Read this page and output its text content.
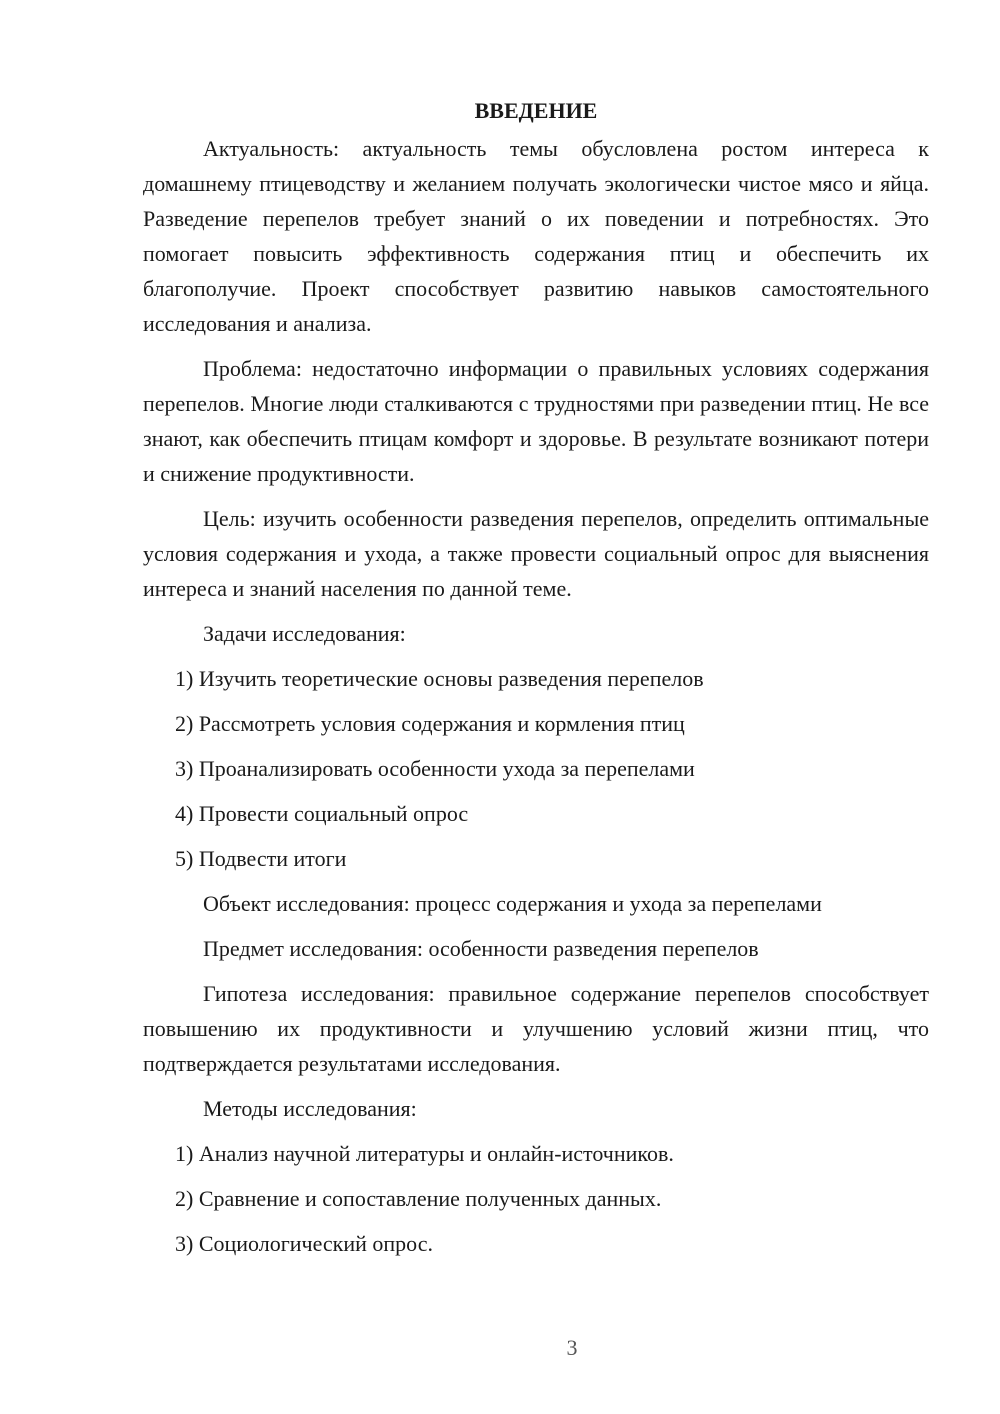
ВВЕДЕНИЕ

Актуальность: актуальность темы обусловлена ростом интереса к домашнему птицеводству и желанием получать экологически чистое мясо и яйца. Разведение перепелов требует знаний о их поведении и потребностях. Это помогает повысить эффективность содержания птиц и обеспечить их благополучие. Проект способствует развитию навыков самостоятельного исследования и анализа.

Проблема: недостаточно информации о правильных условиях содержания перепелов. Многие люди сталкиваются с трудностями при разведении птиц. Не все знают, как обеспечить птицам комфорт и здоровье. В результате возникают потери и снижение продуктивности.

Цель: изучить особенности разведения перепелов, определить оптимальные условия содержания и ухода, а также провести социальный опрос для выяснения интереса и знаний населения по данной теме.

Задачи исследования:
1) Изучить теоретические основы разведения перепелов
2) Рассмотреть условия содержания и кормления птиц
3) Проанализировать особенности ухода за перепелами
4) Провести социальный опрос
5) Подвести итоги
Объект исследования: процесс содержания и ухода за перепелами
Предмет исследования: особенности разведения перепелов

Гипотеза исследования: правильное содержание перепелов способствует повышению их продуктивности и улучшению условий жизни птиц, что подтверждается результатами исследования.

Методы исследования:
1) Анализ научной литературы и онлайн-источников.
2) Сравнение и сопоставление полученных данных.
3) Социологический опрос.
3
